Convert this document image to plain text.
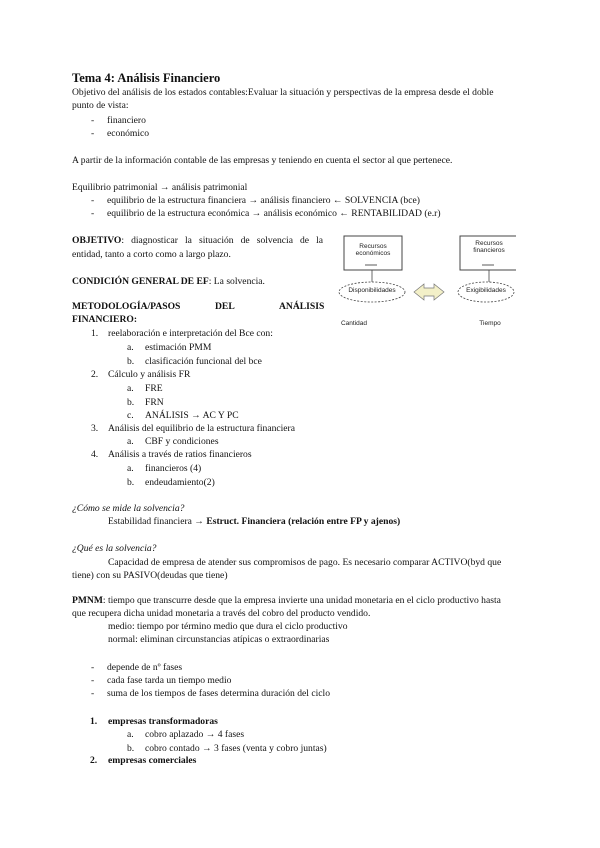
Tema 4: Análisis Financiero
Objetivo del análisis de los estados contables:Evaluar la situación y perspectivas de la empresa desde el doble
punto de vista:
- financiero
- económico
A partir de la información contable de las empresas y teniendo en cuenta el sector al que pertenece.
Equilibrio patrimonial → análisis patrimonial
- equilibrio de la estructura financiera → análisis financiero ← SOLVENCIA (bce)
- equilibrio de la estructura económica → análisis económico ← RENTABILIDAD (e.r)
OBJETIVO: diagnosticar la situación de solvencia de la
entidad, tanto a corto como a largo plazo.
CONDICIÓN GENERAL DE EF: La solvencia.
METODOLOGÍA/PASOS	DEL	ANÁLISIS
FINANCIERO:
1. reelaboración e interpretación del Bce con:
a. estimación PMM
b. clasificación funcional del bce
2. Cálculo y análisis FR
a. FRE
b. FRN
c. ANÁLISIS → AC Y PC
3. Análisis del equilibrio de la estructura financiera
a. CBF y condiciones
4. Análisis a través de ratios financieros
a. financieros (4)
b. endeudamiento(2)
¿Cómo se mide la solvencia?
Estabilidad financiera → Estruct. Financiera (relación entre FP y ajenos)
¿Qué es la solvencia?
Capacidad de empresa de atender sus compromisos de pago. Es necesario comparar ACTIVO(byd que
tiene) con su PASIVO(deudas que tiene)
PMNM: tiempo que transcurre desde que la empresa invierte una unidad monetaria en el ciclo productivo hasta
que recupera dicha unidad monetaria a través del cobro del producto vendido.
medio: tiempo por término medio que dura el ciclo productivo
normal: eliminan circunstancias atípicas o extraordinarias
- depende de nº fases
- cada fase tarda un tiempo medio
- suma de los tiempos de fases determina duración del ciclo
1. empresas transformadoras
a. cobro aplazado → 4 fases
b. cobro contado → 3 fases (venta y cobro juntas)
2. empresas comerciales
Recursos económicos
Recursos financieros
Disponibilidades	Exigibilidades
Cantidad	Tiempo
